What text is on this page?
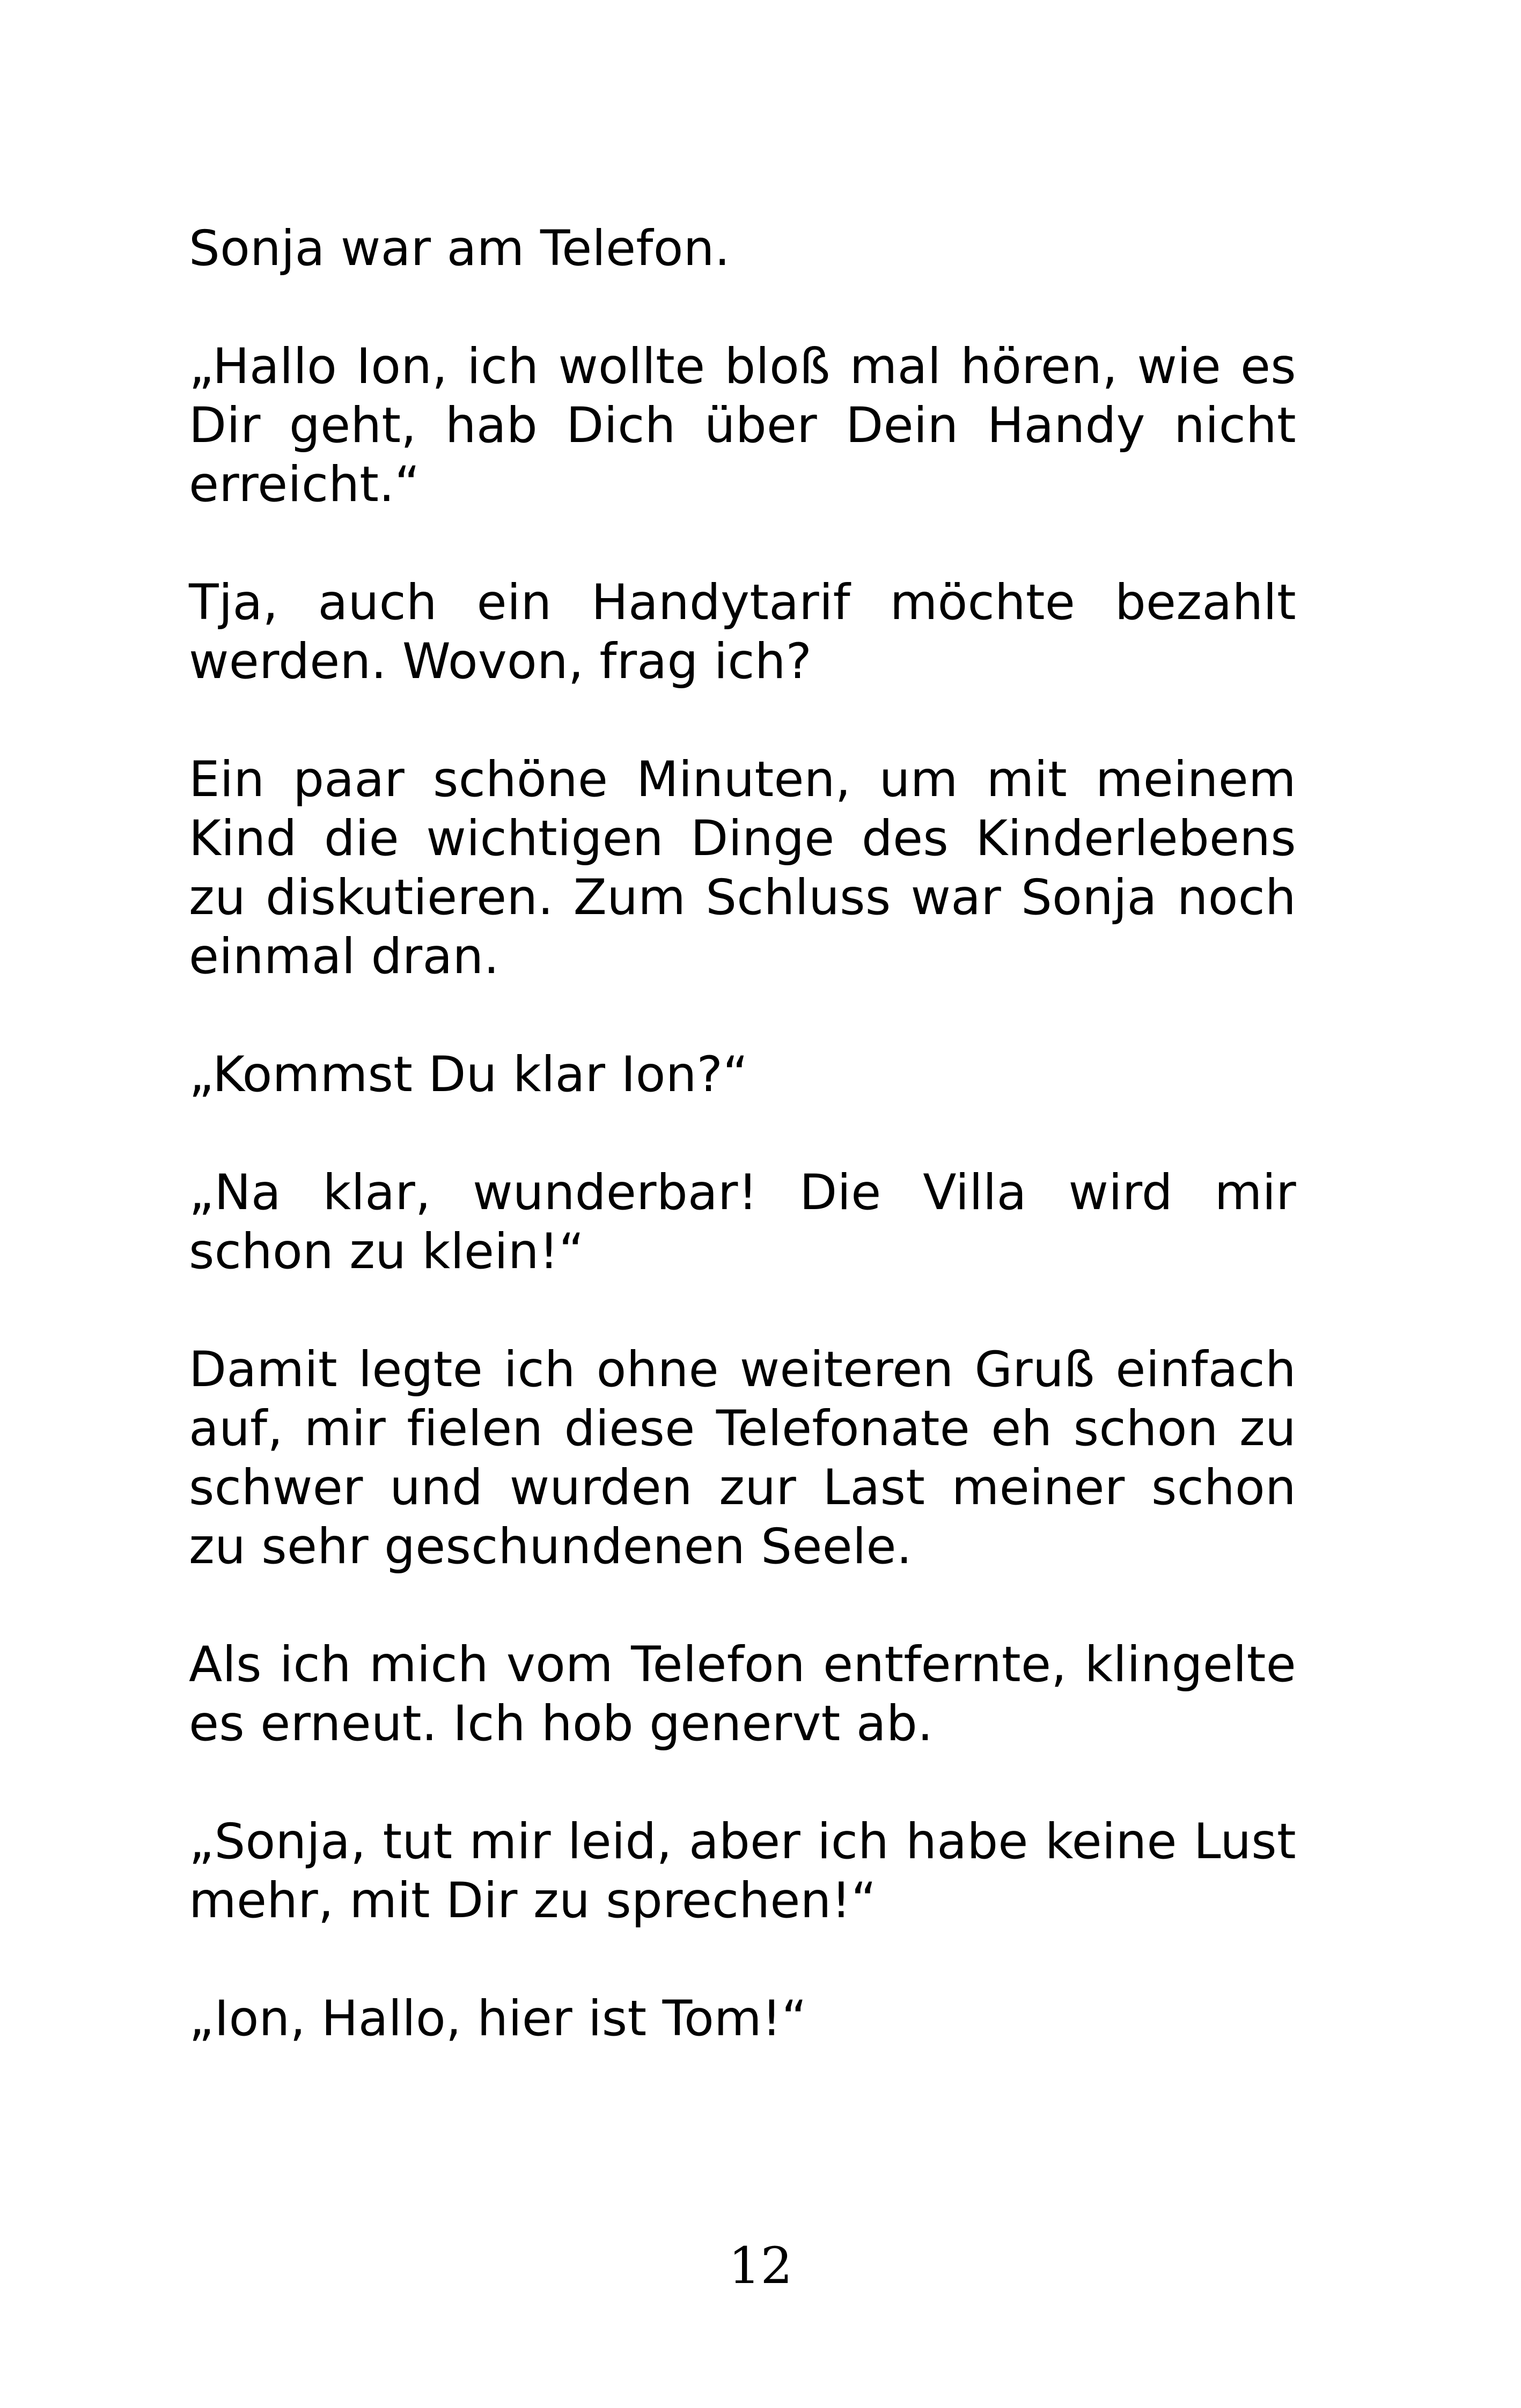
Sonja war am Telefon.

„Hallo Ion, ich wollte bloß mal hören, wie es Dir geht, hab Dich über Dein Handy nicht erreicht.“

Tja, auch ein Handytarif möchte bezahlt werden. Wovon, frag ich?

Ein paar schöne Minuten, um mit meinem Kind die wichtigen Dinge des Kinderlebens zu diskutieren. Zum Schluss war Sonja noch einmal dran.

„Kommst Du klar Ion?“

„Na klar, wunderbar! Die Villa wird mir schon zu klein!“

Damit legte ich ohne weiteren Gruß einfach auf, mir fielen diese Telefonate eh schon zu schwer und wurden zur Last meiner schon zu sehr geschundenen Seele.

Als ich mich vom Telefon entfernte, klingelte es erneut. Ich hob genervt ab.

„Sonja, tut mir leid, aber ich habe keine Lust mehr, mit Dir zu sprechen!“

„Ion, Hallo, hier ist Tom!“

12
